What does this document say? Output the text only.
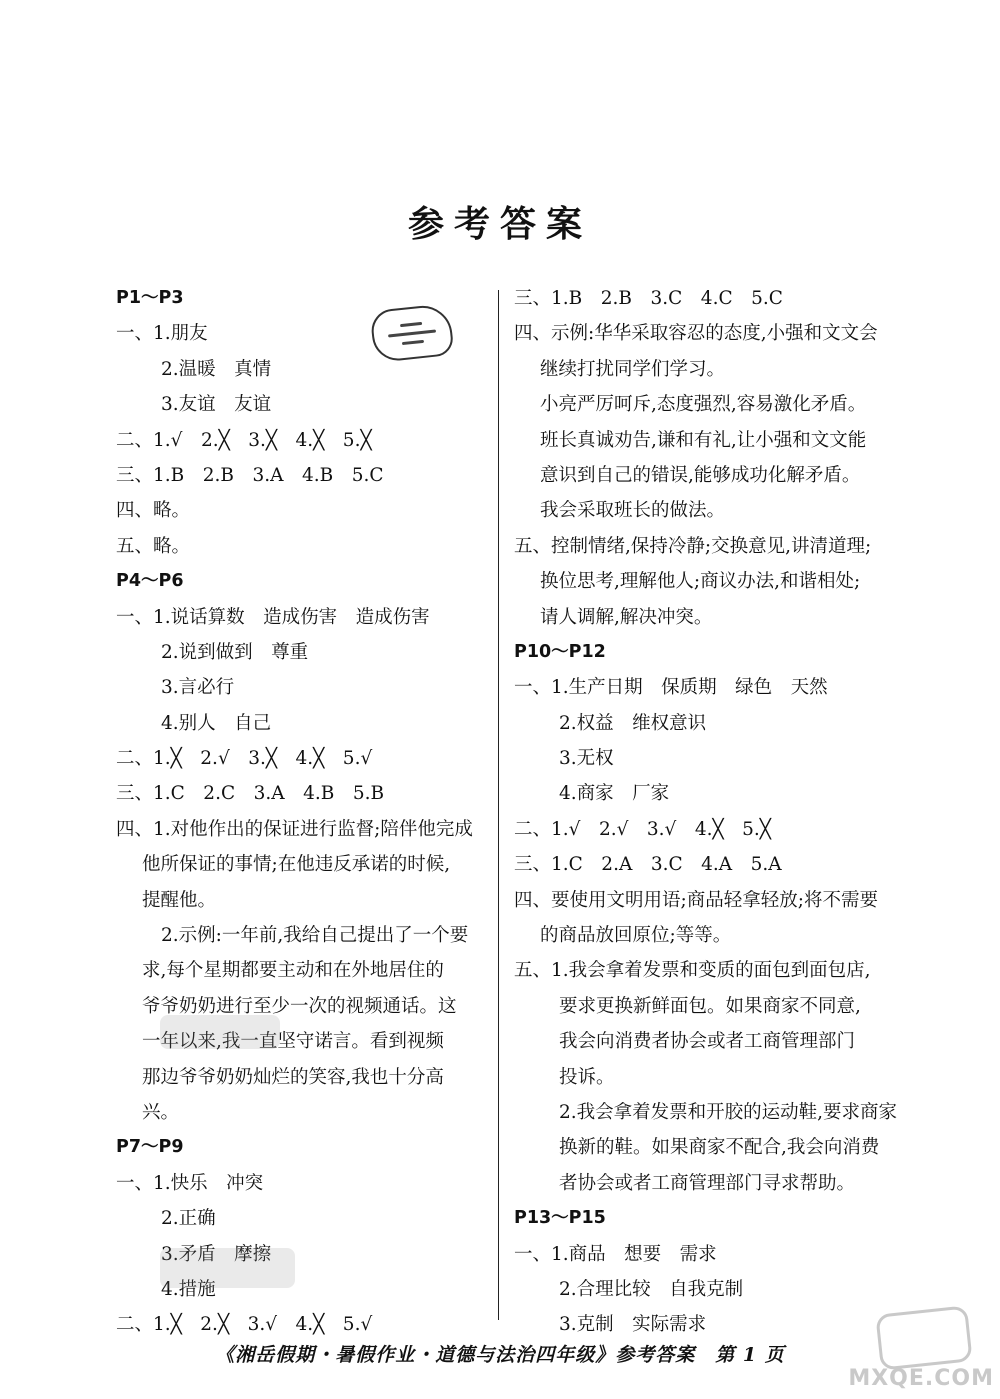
参考答案
P1～P3
一、1.朋友
2.温暖　真情
3.友谊　友谊
二、1.√　2.╳　3.╳　4.╳　5.╳
三、1.B　2.B　3.A　4.B　5.C
四、略。
五、略。
P4～P6
一、1.说话算数　造成伤害　造成伤害
2.说到做到　尊重
3.言必行
4.别人　自己
二、1.╳　2.√　3.╳　4.╳　5.√
三、1.C　2.C　3.A　4.B　5.B
四、1.对他作出的保证进行监督;陪伴他完成
他所保证的事情;在他违反承诺的时候,
提醒他。
2.示例:一年前,我给自己提出了一个要
求,每个星期都要主动和在外地居住的
爷爷奶奶进行至少一次的视频通话。这
一年以来,我一直坚守诺言。看到视频
那边爷爷奶奶灿烂的笑容,我也十分高
兴。
P7～P9
一、1.快乐　冲突
2.正确
3.矛盾　摩擦
4.措施
二、1.╳　2.╳　3.√　4.╳　5.√
三、1.B　2.B　3.C　4.C　5.C
四、示例:华华采取容忍的态度,小强和文文会
继续打扰同学们学习。
小亮严厉呵斥,态度强烈,容易激化矛盾。
班长真诚劝告,谦和有礼,让小强和文文能
意识到自己的错误,能够成功化解矛盾。
我会采取班长的做法。
五、控制情绪,保持冷静;交换意见,讲清道理;
换位思考,理解他人;商议办法,和谐相处;
请人调解,解决冲突。
P10～P12
一、1.生产日期　保质期　绿色　天然
2.权益　维权意识
3.无权
4.商家　厂家
二、1.√　2.√　3.√　4.╳　5.╳
三、1.C　2.A　3.C　4.A　5.A
四、要使用文明用语;商品轻拿轻放;将不需要
的商品放回原位;等等。
五、1.我会拿着发票和变质的面包到面包店,
要求更换新鲜面包。如果商家不同意,
我会向消费者协会或者工商管理部门
投诉。
2.我会拿着发票和开胶的运动鞋,要求商家
换新的鞋。如果商家不配合,我会向消费
者协会或者工商管理部门寻求帮助。
P13～P15
一、1.商品　想要　需求
2.合理比较　自我克制
3.克制　实际需求
《湘岳假期・暑假作业・道德与法治四年级》参考答案　第 1 页
MXQE.COM
